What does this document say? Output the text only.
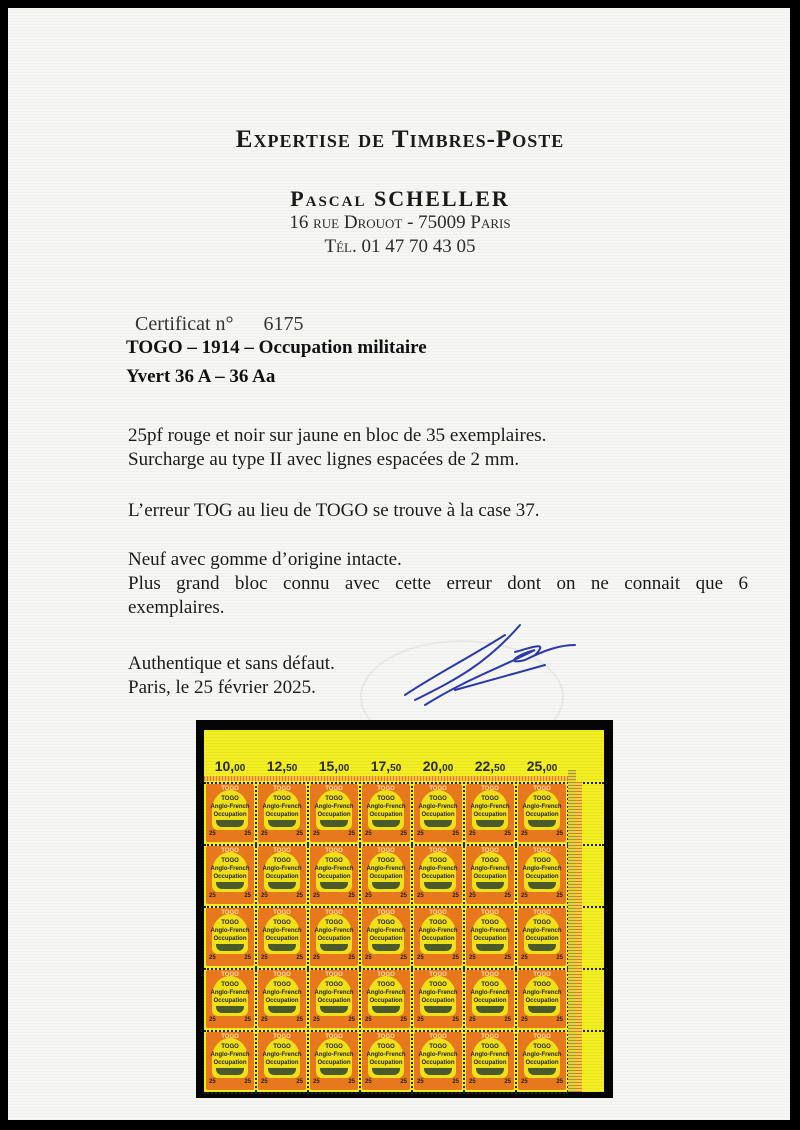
Expertise de Timbres-Poste
Pascal SCHELLER
16 rue Drouot - 75009 Paris
Tél. 01 47 70 43 05
Certificat n° 6175
TOGO – 1914 – Occupation militaire
Yvert 36 A – 36 Aa
25pf rouge et noir sur jaune en bloc de 35 exemplaires.
Surcharge au type II avec lignes espacées de 2 mm.
L’erreur TOG au lieu de TOGO se trouve à la case 37.
Neuf avec gomme d’origine intacte.
Plus grand bloc connu avec cette erreur dont on ne connait que 6
exemplaires.
Authentique et sans défaut.
Paris, le 25 février 2025.
10,00	12,50	15,00	17,50	20,00	22,50	25,00
TOGO
TOGO
Anglo-French
Occupation
25	25
TOGO
TOGO
Anglo-French
Occupation
25	25
TOGO
TOGO
Anglo-French
Occupation
25	25
TOGO
TOGO
Anglo-French
Occupation
25	25
TOGO
TOGO
Anglo-French
Occupation
25	25
TOGO
TOGO
Anglo-French
Occupation
25	25
TOGO
TOGO
Anglo-French
Occupation
25	25
TOGO
TOGO
Anglo-French
Occupation
25	25
TOGO
TOGO
Anglo-French
Occupation
25	25
TOGO
TOGO
Anglo-French
Occupation
25	25
TOGO
TOGO
Anglo-French
Occupation
25	25
TOGO
TOGO
Anglo-French
Occupation
25	25
TOGO
TOGO
Anglo-French
Occupation
25	25
TOGO
TOGO
Anglo-French
Occupation
25	25
TOGO
TOGO
Anglo-French
Occupation
25	25
TOGO
TOGO
Anglo-French
Occupation
25	25
TOGO
TOGO
Anglo-French
Occupation
25	25
TOGO
TOGO
Anglo-French
Occupation
25	25
TOGO
TOGO
Anglo-French
Occupation
25	25
TOGO
TOGO
Anglo-French
Occupation
25	25
TOGO
TOGO
Anglo-French
Occupation
25	25
TOGO
TOGO
Anglo-French
Occupation
25	25
TOGO
TOGO
Anglo-French
Occupation
25	25
TOGO
TOGO
Anglo-French
Occupation
25	25
TOGO
TOGO
Anglo-French
Occupation
25	25
TOGO
TOGO
Anglo-French
Occupation
25	25
TOGO
TOGO
Anglo-French
Occupation
25	25
TOGO
TOGO
Anglo-French
Occupation
25	25
TOGO
TOGO
Anglo-French
Occupation
25	25
TOGO
TOGO
Anglo-French
Occupation
25	25
TOGO
TOGO
Anglo-French
Occupation
25	25
TOGO
TOGO
Anglo-French
Occupation
25	25
TOGO
TOGO
Anglo-French
Occupation
25	25
TOGO
TOGO
Anglo-French
Occupation
25	25
TOGO
TOGO
Anglo-French
Occupation
25	25
